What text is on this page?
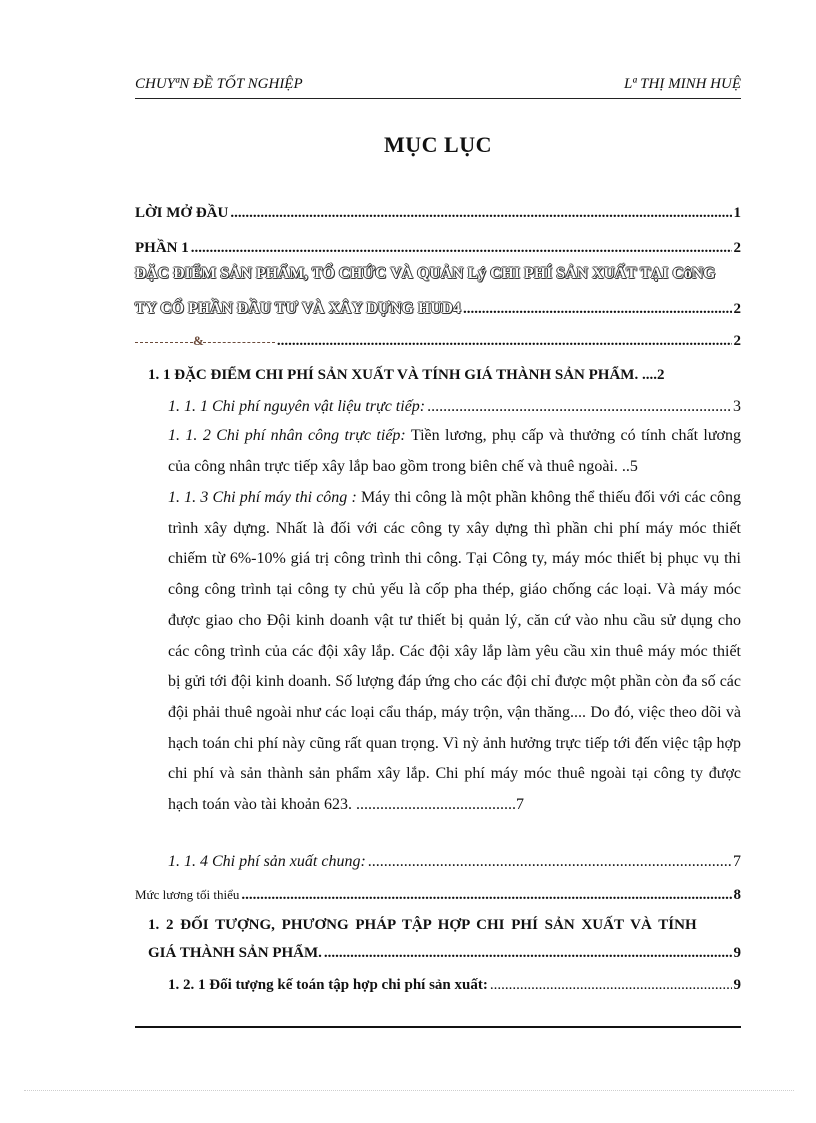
CHUYªN ĐỀ TỐT NGHIỆP	Lª THỊ MINH HUỆ
MỤC LỤC
LỜI MỞ ĐẦU .....	1
PHẦN 1 .....	2
ĐẶC ĐIỂM SẢN PHẨM, TỔ CHỨC VÀ QUẢN Lý CHI PHÍ SẢN XUẤT TẠI CôNG
TY CỔ PHẦN ĐẦU TƯ VÀ XÂY DỰNG HUD4 .....	2
& .....	2
1. 1 ĐẶC ĐIỂM CHI PHÍ SẢN XUẤT VÀ TÍNH GIÁ THÀNH SẢN PHẨM. .... 2
1. 1. 1 Chi phí nguyên vật liệu trực tiếp: .....	3
1. 1. 2 Chi phí nhân công trực tiếp: Tiền lương, phụ cấp và thưởng có tính chất lương của công nhân trực tiếp xây lắp bao gồm trong biên chế và thuê ngoài. ..5
1. 1. 3 Chi phí máy thi công : Máy thi công là một phần không thể thiếu đối với các công trình xây dựng. Nhất là đối với các công ty xây dựng thì phần chi phí máy móc thiết chiếm từ 6%-10% giá trị công trình thi công. Tại Công ty, máy móc thiết bị phục vụ thi công công trình tại công ty chủ yếu là cốp pha thép, giáo chống các loại. Và máy móc được giao cho Đội kinh doanh vật tư thiết bị quản lý, căn cứ vào nhu cầu sử dụng cho các công trình của các đội xây lắp. Các đội xây lắp làm yêu cầu xin thuê máy móc thiết bị gửi tới đội kinh doanh. Số lượng đáp ứng cho các đội chỉ được một phần còn đa số các đội phải thuê ngoài như các loại cẩu tháp, máy trộn, vận thăng.... Do đó, việc theo dõi và hạch toán chi phí này cũng rất quan trọng. Vì nỳ ảnh hưởng trực tiếp tới đến việc tập hợp chi phí và sản thành sản phẩm xây lắp. Chi phí máy móc thuê ngoài tại công ty được hạch toán vào tài khoản 623. ........................................7
1. 1. 4 Chi phí sản xuất chung: .....	7
Mức lương tối thiểu .....	8
1. 2 ĐỐI TƯỢNG, PHƯƠNG PHÁP TẬP HỢP CHI PHÍ SẢN XUẤT VÀ TÍNH
GIÁ THÀNH SẢN PHẨM. .....	9
1. 2. 1 Đối tượng kế toán tập hợp chi phí sản xuất: .....	9
